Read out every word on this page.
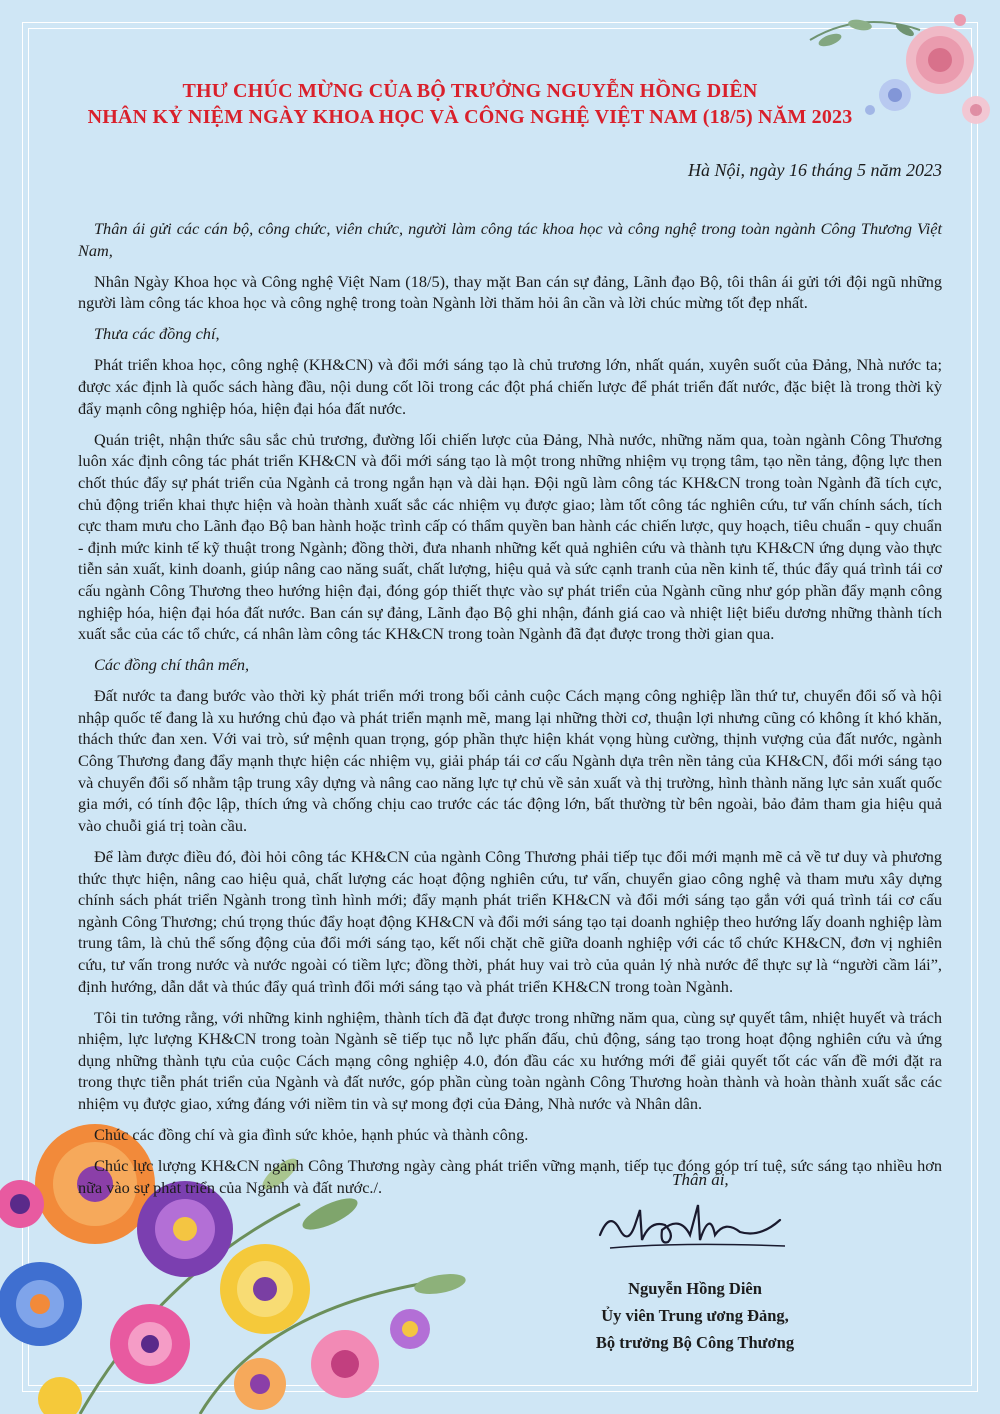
THƯ CHÚC MỪNG CỦA BỘ TRƯỞNG NGUYỄN HỒNG DIÊN
NHÂN KỶ NIỆM NGÀY KHOA HỌC VÀ CÔNG NGHỆ VIỆT NAM (18/5) NĂM 2023
Hà Nội, ngày 16 tháng 5 năm 2023

Thân ái gửi các cán bộ, công chức, viên chức, người làm công tác khoa học và công nghệ trong toàn ngành Công Thương Việt Nam,

Nhân Ngày Khoa học và Công nghệ Việt Nam (18/5), thay mặt Ban cán sự đảng, Lãnh đạo Bộ, tôi thân ái gửi tới đội ngũ những người làm công tác khoa học và công nghệ trong toàn Ngành lời thăm hỏi ân cần và lời chúc mừng tốt đẹp nhất.

Thưa các đồng chí,

Phát triển khoa học, công nghệ (KH&CN) và đổi mới sáng tạo là chủ trương lớn, nhất quán, xuyên suốt của Đảng, Nhà nước ta; được xác định là quốc sách hàng đầu, nội dung cốt lõi trong các đột phá chiến lược để phát triển đất nước, đặc biệt là trong thời kỳ đẩy mạnh công nghiệp hóa, hiện đại hóa đất nước.

Quán triệt, nhận thức sâu sắc chủ trương, đường lối chiến lược của Đảng, Nhà nước, những năm qua, toàn ngành Công Thương luôn xác định công tác phát triển KH&CN và đổi mới sáng tạo là một trong những nhiệm vụ trọng tâm, tạo nền tảng, động lực then chốt thúc đẩy sự phát triển của Ngành cả trong ngắn hạn và dài hạn. Đội ngũ làm công tác KH&CN trong toàn Ngành đã tích cực, chủ động triển khai thực hiện và hoàn thành xuất sắc các nhiệm vụ được giao; làm tốt công tác nghiên cứu, tư vấn chính sách, tích cực tham mưu cho Lãnh đạo Bộ ban hành hoặc trình cấp có thẩm quyền ban hành các chiến lược, quy hoạch, tiêu chuẩn - quy chuẩn - định mức kinh tế kỹ thuật trong Ngành; đồng thời, đưa nhanh những kết quả nghiên cứu và thành tựu KH&CN ứng dụng vào thực tiễn sản xuất, kinh doanh, giúp nâng cao năng suất, chất lượng, hiệu quả và sức cạnh tranh của nền kinh tế, thúc đẩy quá trình tái cơ cấu ngành Công Thương theo hướng hiện đại, đóng góp thiết thực vào sự phát triển của Ngành cũng như góp phần đẩy mạnh công nghiệp hóa, hiện đại hóa đất nước. Ban cán sự đảng, Lãnh đạo Bộ ghi nhận, đánh giá cao và nhiệt liệt biểu dương những thành tích xuất sắc của các tổ chức, cá nhân làm công tác KH&CN trong toàn Ngành đã đạt được trong thời gian qua.

Các đồng chí thân mến,

Đất nước ta đang bước vào thời kỳ phát triển mới trong bối cảnh cuộc Cách mạng công nghiệp lần thứ tư, chuyển đổi số và hội nhập quốc tế đang là xu hướng chủ đạo và phát triển mạnh mẽ, mang lại những thời cơ, thuận lợi nhưng cũng có không ít khó khăn, thách thức đan xen. Với vai trò, sứ mệnh quan trọng, góp phần thực hiện khát vọng hùng cường, thịnh vượng của đất nước, ngành Công Thương đang đẩy mạnh thực hiện các nhiệm vụ, giải pháp tái cơ cấu Ngành dựa trên nền tảng của KH&CN, đổi mới sáng tạo và chuyển đổi số nhằm tập trung xây dựng và nâng cao năng lực tự chủ về sản xuất và thị trường, hình thành năng lực sản xuất quốc gia mới, có tính độc lập, thích ứng và chống chịu cao trước các tác động lớn, bất thường từ bên ngoài, bảo đảm tham gia hiệu quả vào chuỗi giá trị toàn cầu.

Để làm được điều đó, đòi hỏi công tác KH&CN của ngành Công Thương phải tiếp tục đổi mới mạnh mẽ cả về tư duy và phương thức thực hiện, nâng cao hiệu quả, chất lượng các hoạt động nghiên cứu, tư vấn, chuyển giao công nghệ và tham mưu xây dựng chính sách phát triển Ngành trong tình hình mới; đẩy mạnh phát triển KH&CN và đổi mới sáng tạo gắn với quá trình tái cơ cấu ngành Công Thương; chú trọng thúc đẩy hoạt động KH&CN và đổi mới sáng tạo tại doanh nghiệp theo hướng lấy doanh nghiệp làm trung tâm, là chủ thể sống động của đổi mới sáng tạo, kết nối chặt chẽ giữa doanh nghiệp với các tổ chức KH&CN, đơn vị nghiên cứu, tư vấn trong nước và nước ngoài có tiềm lực; đồng thời, phát huy vai trò của quản lý nhà nước để thực sự là “người cầm lái”, định hướng, dẫn dắt và thúc đẩy quá trình đổi mới sáng tạo và phát triển KH&CN trong toàn Ngành.

Tôi tin tưởng rằng, với những kinh nghiệm, thành tích đã đạt được trong những năm qua, cùng sự quyết tâm, nhiệt huyết và trách nhiệm, lực lượng KH&CN trong toàn Ngành sẽ tiếp tục nỗ lực phấn đấu, chủ động, sáng tạo trong hoạt động nghiên cứu và ứng dụng những thành tựu của cuộc Cách mạng công nghiệp 4.0, đón đầu các xu hướng mới để giải quyết tốt các vấn đề mới đặt ra trong thực tiễn phát triển của Ngành và đất nước, góp phần cùng toàn ngành Công Thương hoàn thành và hoàn thành xuất sắc các nhiệm vụ được giao, xứng đáng với niềm tin và sự mong đợi của Đảng, Nhà nước và Nhân dân.

Chúc các đồng chí và gia đình sức khỏe, hạnh phúc và thành công.

Chúc lực lượng KH&CN ngành Công Thương ngày càng phát triển vững mạnh, tiếp tục đóng góp trí tuệ, sức sáng tạo nhiều hơn nữa vào sự phát triển của Ngành và đất nước./.	Thân ái,
Nguyễn Hồng Diên
Ủy viên Trung ương Đảng,
Bộ trưởng Bộ Công Thương
